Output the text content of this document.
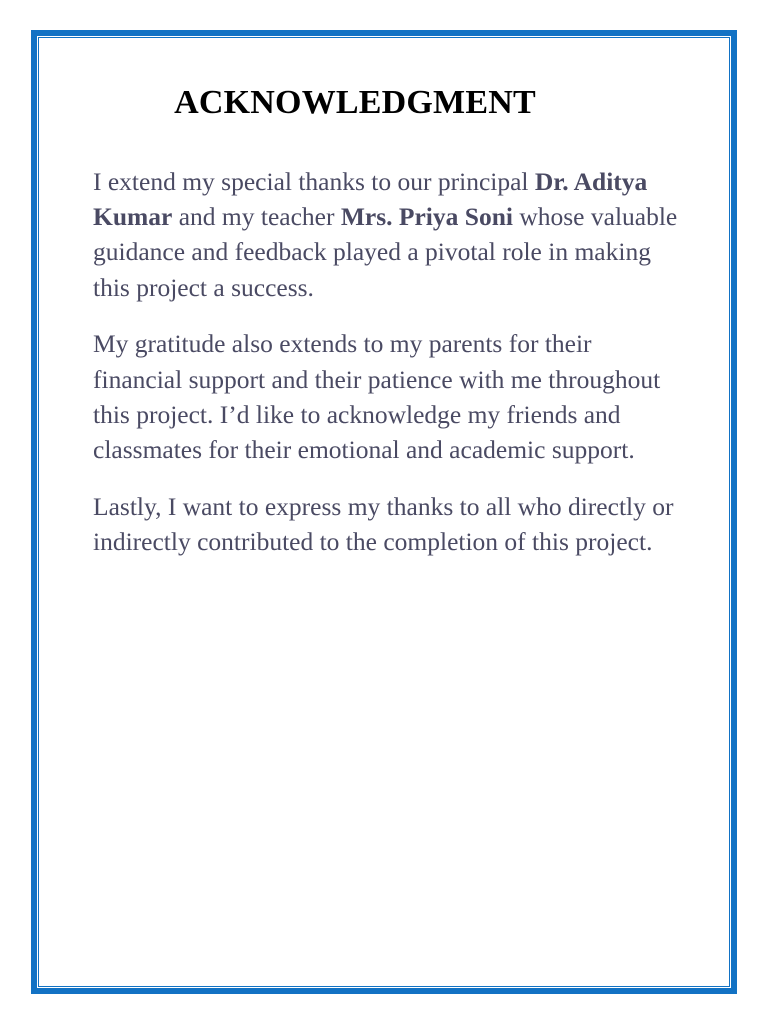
ACKNOWLEDGMENT

I extend my special thanks to our principal Dr. Aditya Kumar and my teacher Mrs. Priya Soni whose valuable guidance and feedback played a pivotal role in making this project a success.

My gratitude also extends to my parents for their financial support and their patience with me throughout this project. I’d like to acknowledge my friends and classmates for their emotional and academic support.

Lastly, I want to express my thanks to all who directly or indirectly contributed to the completion of this project.
